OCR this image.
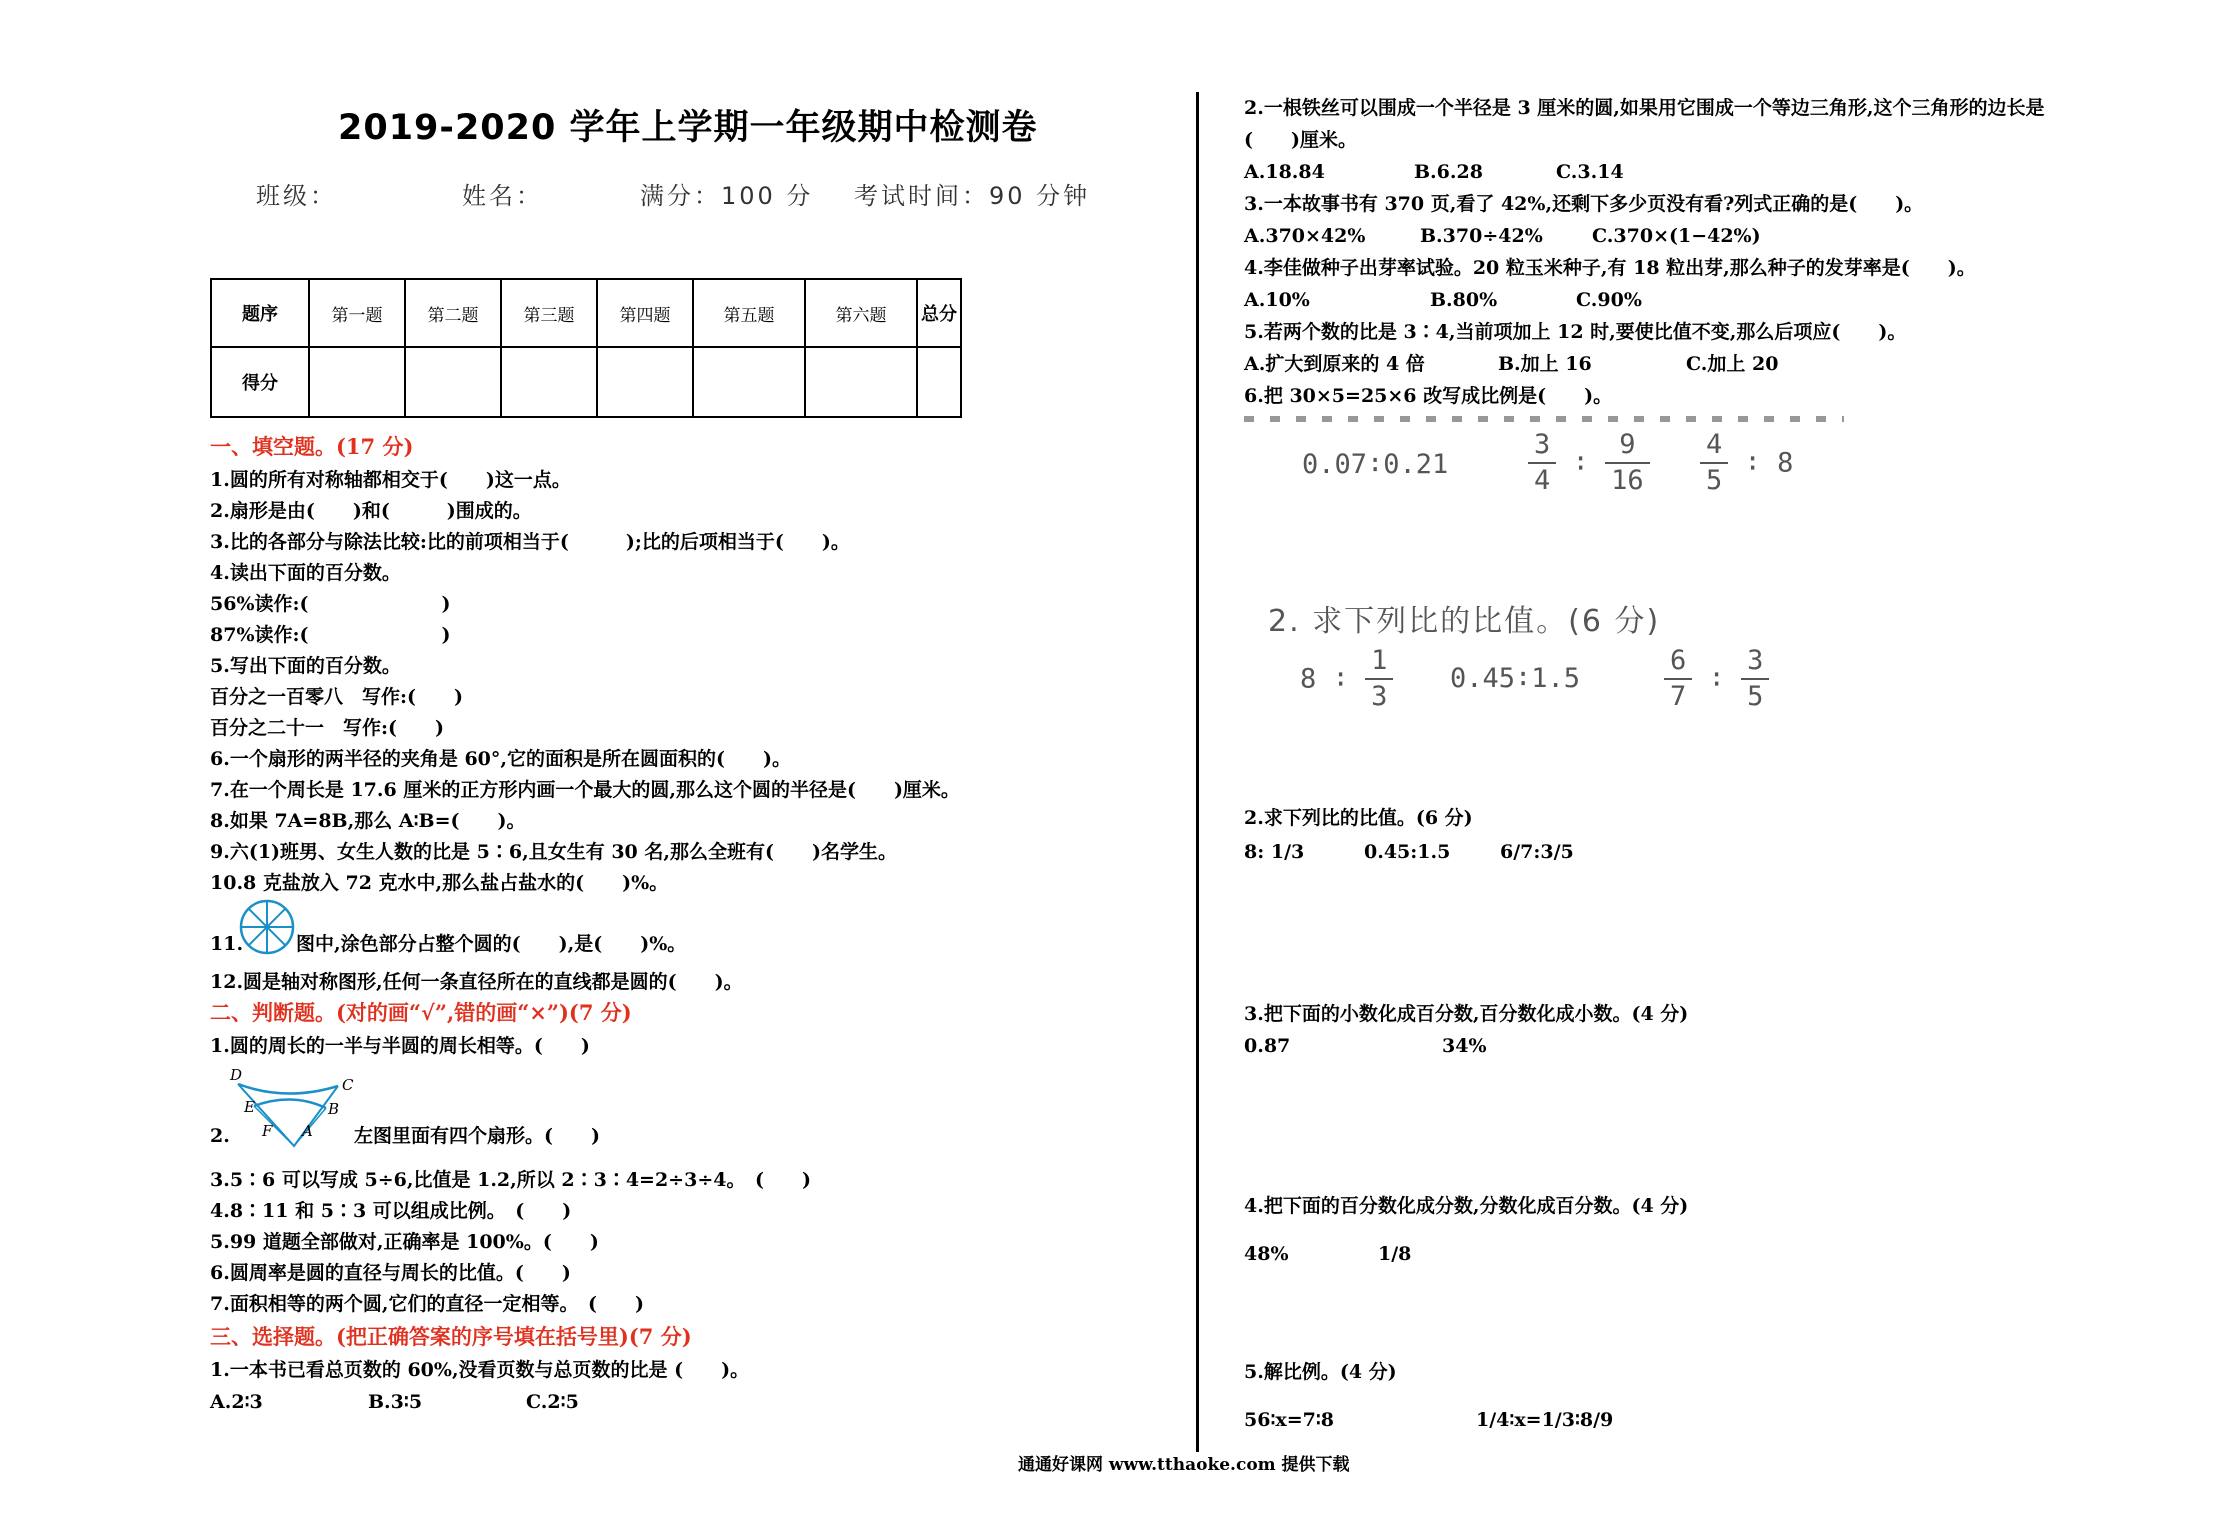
2019-2020 学年上学期一年级期中检测卷
班级：	姓名：	满分：100 分 考试时间：90 分钟
题序	第一题	第二题	第三题	第四题	第五题	第六题	总分
得分							
一、填空题。(17 分)
1.圆的所有对称轴都相交于(　　)这一点。
2.扇形是由(　　)和(　　　)围成的。
3.比的各部分与除法比较:比的前项相当于(　　　);比的后项相当于(　　)。
4.读出下面的百分数。
56%读作:(　　　　　　　)
87%读作:(　　　　　　　)
5.写出下面的百分数。
百分之一百零八　写作:(　　)
百分之二十一　写作:(　　)
6.一个扇形的两半径的夹角是 60°,它的面积是所在圆面积的(　　)。
7.在一个周长是 17.6 厘米的正方形内画一个最大的圆,那么这个圆的半径是(　　)厘米。
8.如果 7A=8B,那么 A∶B=(　　)。
9.六(1)班男、女生人数的比是 5∶6,且女生有 30 名,那么全班有(　　)名学生。
10.8 克盐放入 72 克水中,那么盐占盐水的(　　)%。
11.	图中,涂色部分占整个圆的(　　),是(　　)%。
12.圆是轴对称图形,任何一条直径所在的直线都是圆的(　　)。
二、判断题。(对的画“√”,错的画“×”)(7 分)
1.圆的周长的一半与半圆的周长相等。(　　)
D
C
E	B
F A
2.	左图里面有四个扇形。(　　)
3.5∶6 可以写成 5÷6,比值是 1.2,所以 2∶3∶4=2÷3÷4。　(　　)
4.8∶11 和 5∶3 可以组成比例。　(　　)
5.99 道题全部做对,正确率是 100%。(　　)
6.圆周率是圆的直径与周长的比值。(　　)
7.面积相等的两个圆,它们的直径一定相等。　(　　)
三、选择题。(把正确答案的序号填在括号里)(7 分)
1.一本书已看总页数的 60%,没看页数与总页数的比是 (　　)。
A.2∶3	B.3∶5	C.2∶5
2.一根铁丝可以围成一个半径是 3 厘米的圆,如果用它围成一个等边三角形,这个三角形的边长是
(　　)厘米。
A.18.84	B.6.28	C.3.14
3.一本故事书有 370 页,看了 42%,还剩下多少页没有看?列式正确的是(　　)。
A.370×42%	B.370÷42%	C.370×(1−42%)
4.李佳做种子出芽率试验。20 粒玉米种子,有 18 粒出芽,那么种子的发芽率是(　　)。
A.10%	B.80%	C.90%
5.若两个数的比是 3∶4,当前项加上 12 时,要使比值不变,那么后项应(　　)。
A.扩大到原来的 4 倍	B.加上 16	C.加上 20
6.把 30×5=25×6 改写成比例是(　　)。
0.07∶0.21	$\frac{3}{4}$ ∶ $\frac{9}{16} \frac{4}{5}$ ∶ 8
2. 求下列比的比值。(6 分)
8 ∶ $\frac{1}{3}$ 0.45∶1.5	$\frac{6}{7}$ ∶ $\frac{3}{5}$
2.求下列比的比值。(6 分)
8: 1/3	0.45:1.5	6/7:3/5
3.把下面的小数化成百分数,百分数化成小数。(4 分)
0.87	34%
4.把下面的百分数化成分数,分数化成百分数。(4 分)
48%	1/8
5.解比例。(4 分)
56∶x=7∶8	1/4∶x=1/3∶8/9
通通好课网 www.tthaoke.com 提供下载
